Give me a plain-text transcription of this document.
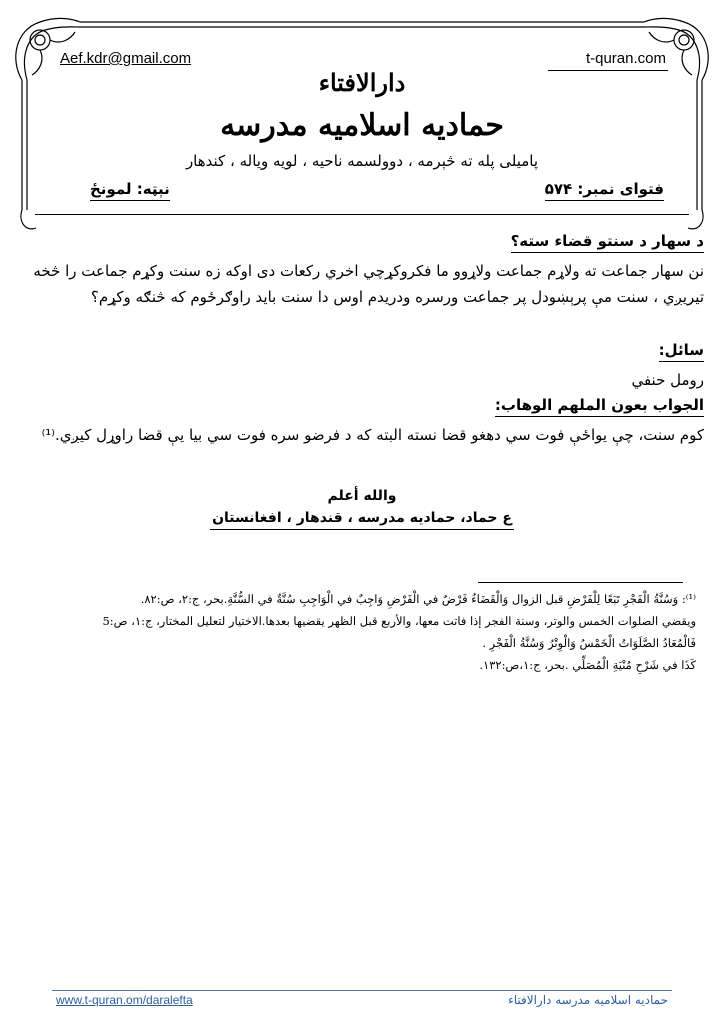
Aef.kdr@gmail.com	t-quran.com
دارالافتاء
حمادیه اسلامیه مدرسه
پامیلی پله ته څېرمه ، دوولسمه ناحیه ، لویه ویاله ، کندهار
فتوای نمبر: ۵۷۴
نېټه: لمونځ
د سهار د سنتو قضاء سته؟
نن سهار جماعت ته ولاړم جماعت ولاړوو ما فکروکړچي اخري رکعات دی اوکه زه سنت وکړم جماعت را څخه تیریږي ، سنت مې پرېښودل پر جماعت ورسره ودریدم اوس دا سنت بايد راوګرځوم که څنګه وکړم؟
سائل:
رومل حنفي
الجواب بعون الملهم الوهاب:
کوم سنت، چې یواځې فوت سي دهغو قضا نسته البته که د فرضو سره فوت سي بيا يې قضا راوړل کيږي.⁽¹⁾
والله أعلم
ع حماد، حمادیه مدرسه ، قندهار ، افغانستان
⁽¹⁾: وَسُنَّةُ الْفَجْرِ تَبَعًا لِلْفَرْضِ قبل الزوال وَالْقَضَاءُ فَرْضٌ في الْفَرْضِ وَاجِبٌ في الْوَاجِبِ سُنَّةٌ في السُّنَّةِ.بحر، ج:۲، ص:۸۲.
ويقضي الصلوات الخمس والوتر، وسنة الفجر إذا فاتت معها، والأربع قبل الظهر يقضيها بعدها.الاختيار لتعليل المختار، ج:۱، ص:5
فَالْمُعَادُ الصَّلَوَاتُ الْخَمْسُ وَالْوِتْرُ وَسُنَّةُ الْفَجْرِ .
كَذَا في شَرْحِ مُنْيَةِ الْمُصَلِّي .بحر، ج:۱،ص:۱۳۲.
www.t-quran.om/daralefta	حمادیه اسلامیه مدرسه دارالافتاء
